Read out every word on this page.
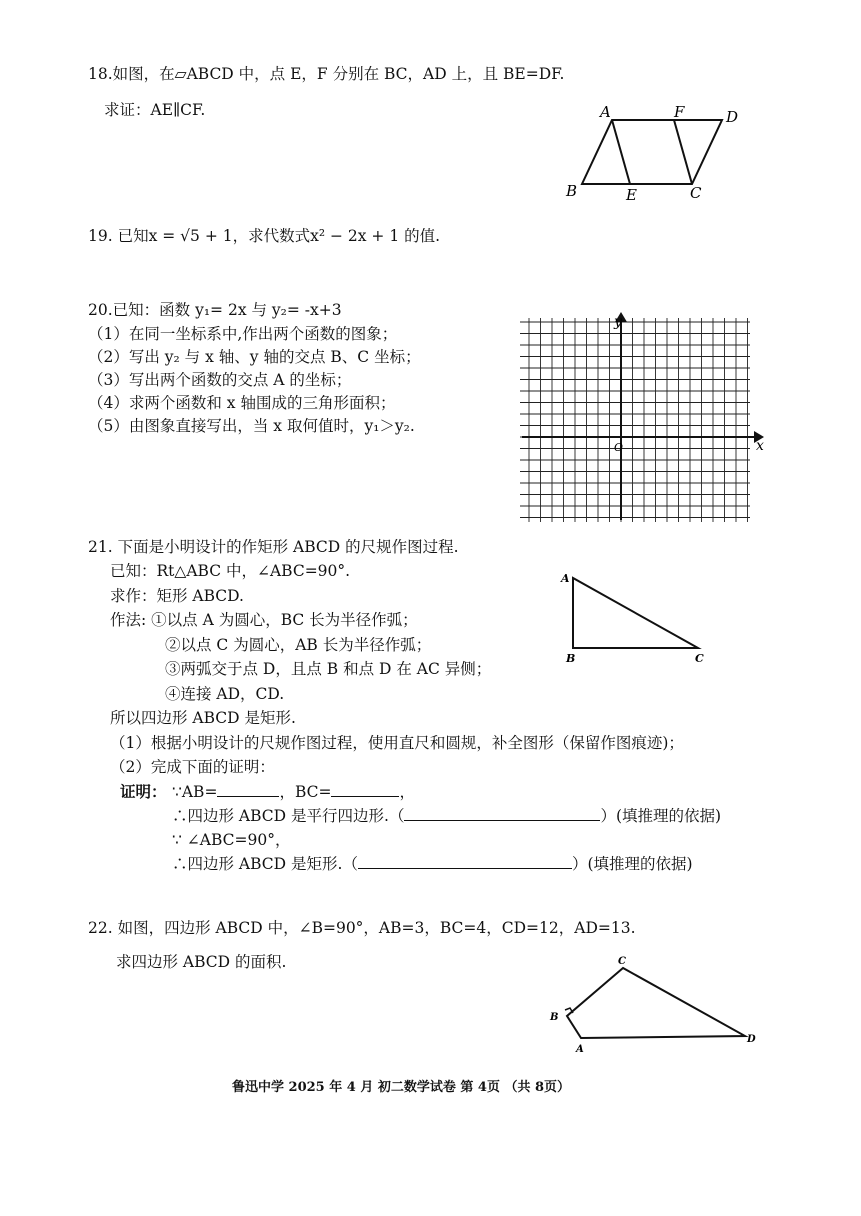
18.如图，在▱ABCD 中，点 E，F 分别在 BC，AD 上，且 BE=DF.
求证：AE∥CF.	A	F	D
B	E	C
19. 已知x = √5 + 1，求代数式x² − 2x + 1 的值.
20.已知：函数 y₁= 2x 与 y₂= -x+3
（1）在同一坐标系中,作出两个函数的图象；
（2）写出 y₂ 与 x 轴、y 轴的交点 B、C 坐标；
（3）写出两个函数的交点 A 的坐标；
（4）求两个函数和 x 轴围成的三角形面积；
（5）由图象直接写出，当 x 取何值时，y₁＞y₂.
x
y
O
21. 下面是小明设计的作矩形 ABCD 的尺规作图过程.
已知：Rt△ABC 中，∠ABC=90°.
求作：矩形 ABCD.
作法: ①以点 A 为圆心，BC 长为半径作弧；
②以点 C 为圆心，AB 长为半径作弧；
③两弧交于点 D，且点 B 和点 D 在 AC 异侧；
④连接 AD，CD.
所以四边形 ABCD 是矩形.
（1）根据小明设计的尺规作图过程，使用直尺和圆规，补全图形（保留作图痕迹)；
（2）完成下面的证明：
证明： ∵AB=	，BC=	，
∴四边形 ABCD 是平行四边形.（	）(填推理的依据)
∵ ∠ABC=90°，
∴四边形 ABCD 是矩形.（	）(填推理的依据)
A
B	C
22. 如图，四边形 ABCD 中，∠B=90°，AB=3，BC=4，CD=12，AD=13.
求四边形 ABCD 的面积.	C
B
A
D
鲁迅中学 2025 年 4 月 初二数学试卷 第 4页 （共 8页）
